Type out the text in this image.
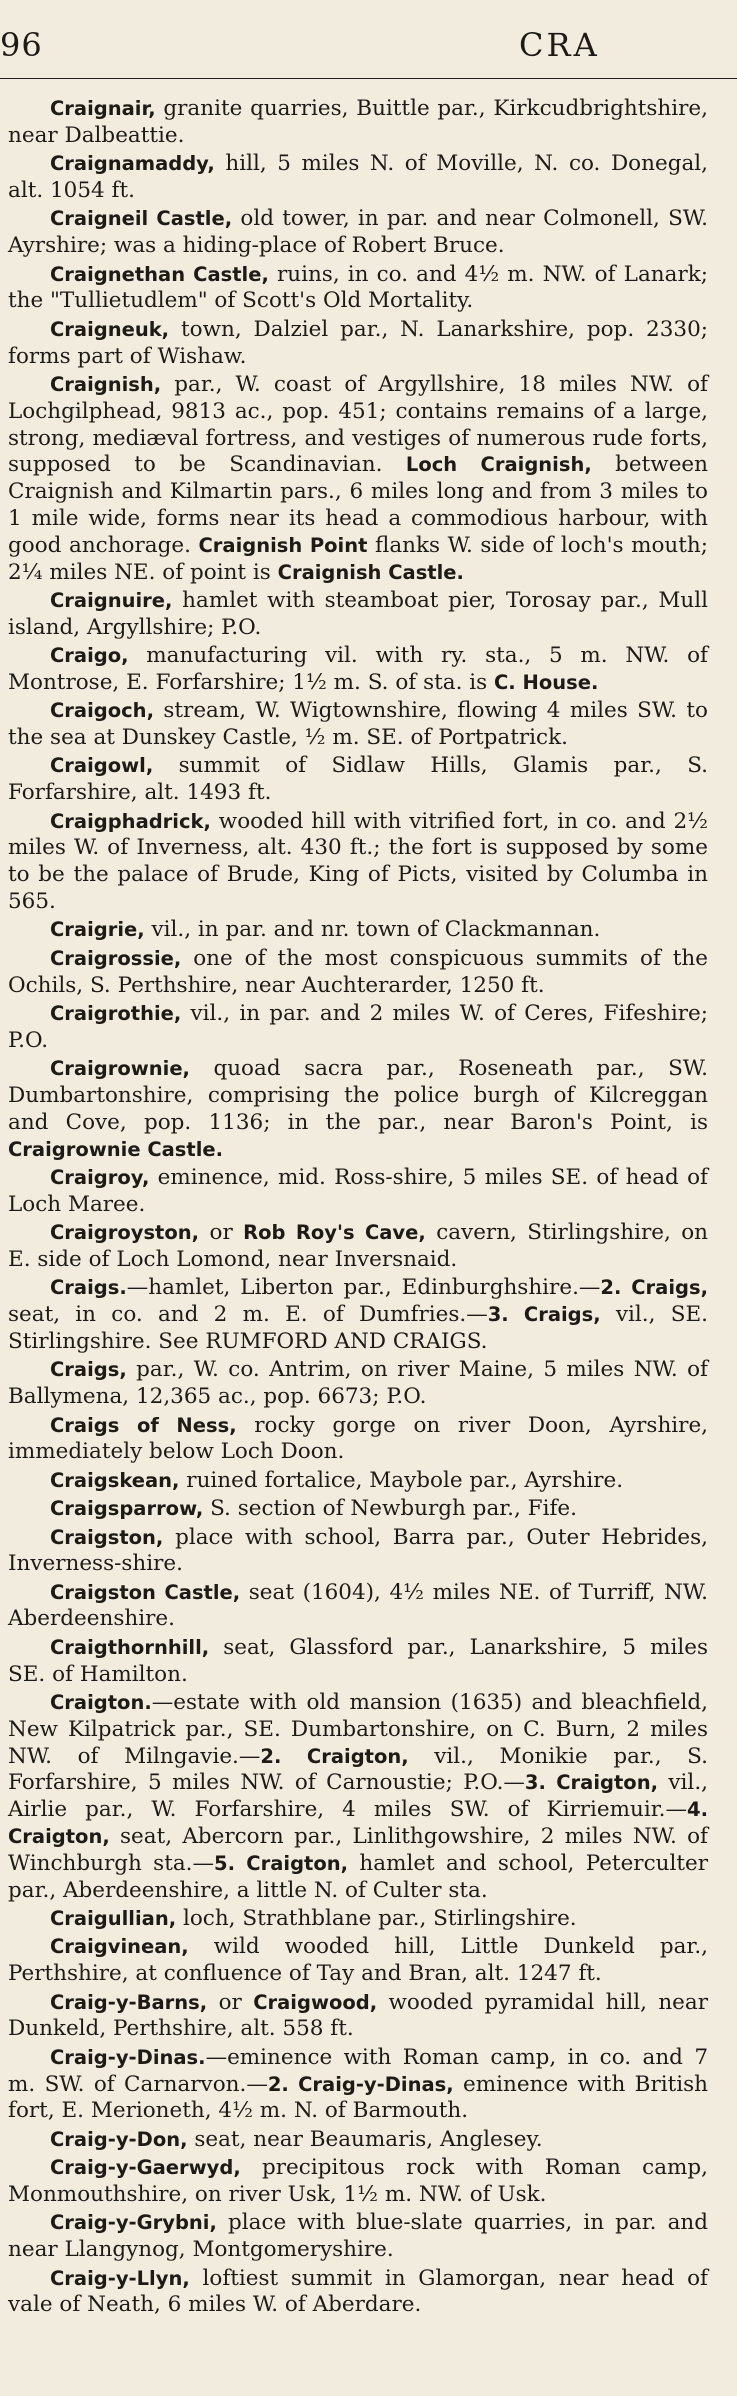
96	CRA

Craignair, granite quarries, Buittle par., Kirkcudbrightshire, near Dalbeattie.

Craignamaddy, hill, 5 miles N. of Moville, N. co. Donegal, alt. 1054 ft.

Craigneil Castle, old tower, in par. and near Colmonell, SW. Ayrshire; was a hiding-place of Robert Bruce.

Craignethan Castle, ruins, in co. and 4½ m. NW. of Lanark; the "Tullietudlem" of Scott's Old Mortality.

Craigneuk, town, Dalziel par., N. Lanarkshire, pop. 2330; forms part of Wishaw.

Craignish, par., W. coast of Argyllshire, 18 miles NW. of Lochgilphead, 9813 ac., pop. 451; contains remains of a large, strong, mediæval fortress, and vestiges of numerous rude forts, supposed to be Scandinavian. Loch Craignish, between Craignish and Kilmartin pars., 6 miles long and from 3 miles to 1 mile wide, forms near its head a commodious harbour, with good anchorage. Craignish Point flanks W. side of loch's mouth; 2¼ miles NE. of point is Craignish Castle.

Craignuire, hamlet with steamboat pier, Torosay par., Mull island, Argyllshire; P.O.

Craigo, manufacturing vil. with ry. sta., 5 m. NW. of Montrose, E. Forfarshire; 1½ m. S. of sta. is C. House.

Craigoch, stream, W. Wigtownshire, flowing 4 miles SW. to the sea at Dunskey Castle, ½ m. SE. of Portpatrick.

Craigowl, summit of Sidlaw Hills, Glamis par., S. Forfarshire, alt. 1493 ft.

Craigphadrick, wooded hill with vitrified fort, in co. and 2½ miles W. of Inverness, alt. 430 ft.; the fort is supposed by some to be the palace of Brude, King of Picts, visited by Columba in 565.

Craigrie, vil., in par. and nr. town of Clackmannan.

Craigrossie, one of the most conspicuous summits of the Ochils, S. Perthshire, near Auchterarder, 1250 ft.

Craigrothie, vil., in par. and 2 miles W. of Ceres, Fifeshire; P.O.

Craigrownie, quoad sacra par., Roseneath par., SW. Dumbartonshire, comprising the police burgh of Kilcreggan and Cove, pop. 1136; in the par., near Baron's Point, is Craigrownie Castle.

Craigroy, eminence, mid. Ross-shire, 5 miles SE. of head of Loch Maree.

Craigroyston, or Rob Roy's Cave, cavern, Stirlingshire, on E. side of Loch Lomond, near Inversnaid.

Craigs.—hamlet, Liberton par., Edinburghshire.—2. Craigs, seat, in co. and 2 m. E. of Dumfries.—3. Craigs, vil., SE. Stirlingshire. See RUMFORD AND CRAIGS.

Craigs, par., W. co. Antrim, on river Maine, 5 miles NW. of Ballymena, 12,365 ac., pop. 6673; P.O.

Craigs of Ness, rocky gorge on river Doon, Ayrshire, immediately below Loch Doon.

Craigskean, ruined fortalice, Maybole par., Ayrshire.

Craigsparrow, S. section of Newburgh par., Fife.

Craigston, place with school, Barra par., Outer Hebrides, Inverness-shire.

Craigston Castle, seat (1604), 4½ miles NE. of Turriff, NW. Aberdeenshire.

Craigthornhill, seat, Glassford par., Lanarkshire, 5 miles SE. of Hamilton.

Craigton.—estate with old mansion (1635) and bleachfield, New Kilpatrick par., SE. Dumbartonshire, on C. Burn, 2 miles NW. of Milngavie.—2. Craigton, vil., Monikie par., S. Forfarshire, 5 miles NW. of Carnoustie; P.O.—3. Craigton, vil., Airlie par., W. Forfarshire, 4 miles SW. of Kirriemuir.—4. Craigton, seat, Abercorn par., Linlithgowshire, 2 miles NW. of Winchburgh sta.—5. Craigton, hamlet and school, Peterculter par., Aberdeenshire, a little N. of Culter sta.

Craigullian, loch, Strathblane par., Stirlingshire.

Craigvinean, wild wooded hill, Little Dunkeld par., Perthshire, at confluence of Tay and Bran, alt. 1247 ft.

Craig-y-Barns, or Craigwood, wooded pyramidal hill, near Dunkeld, Perthshire, alt. 558 ft.

Craig-y-Dinas.—eminence with Roman camp, in co. and 7 m. SW. of Carnarvon.—2. Craig-y-Dinas, eminence with British fort, E. Merioneth, 4½ m. N. of Barmouth.

Craig-y-Don, seat, near Beaumaris, Anglesey.

Craig-y-Gaerwyd, precipitous rock with Roman camp, Monmouthshire, on river Usk, 1½ m. NW. of Usk.

Craig-y-Grybni, place with blue-slate quarries, in par. and near Llangynog, Montgomeryshire.

Craig-y-Llyn, loftiest summit in Glamorgan, near head of vale of Neath, 6 miles W. of Aberdare.
